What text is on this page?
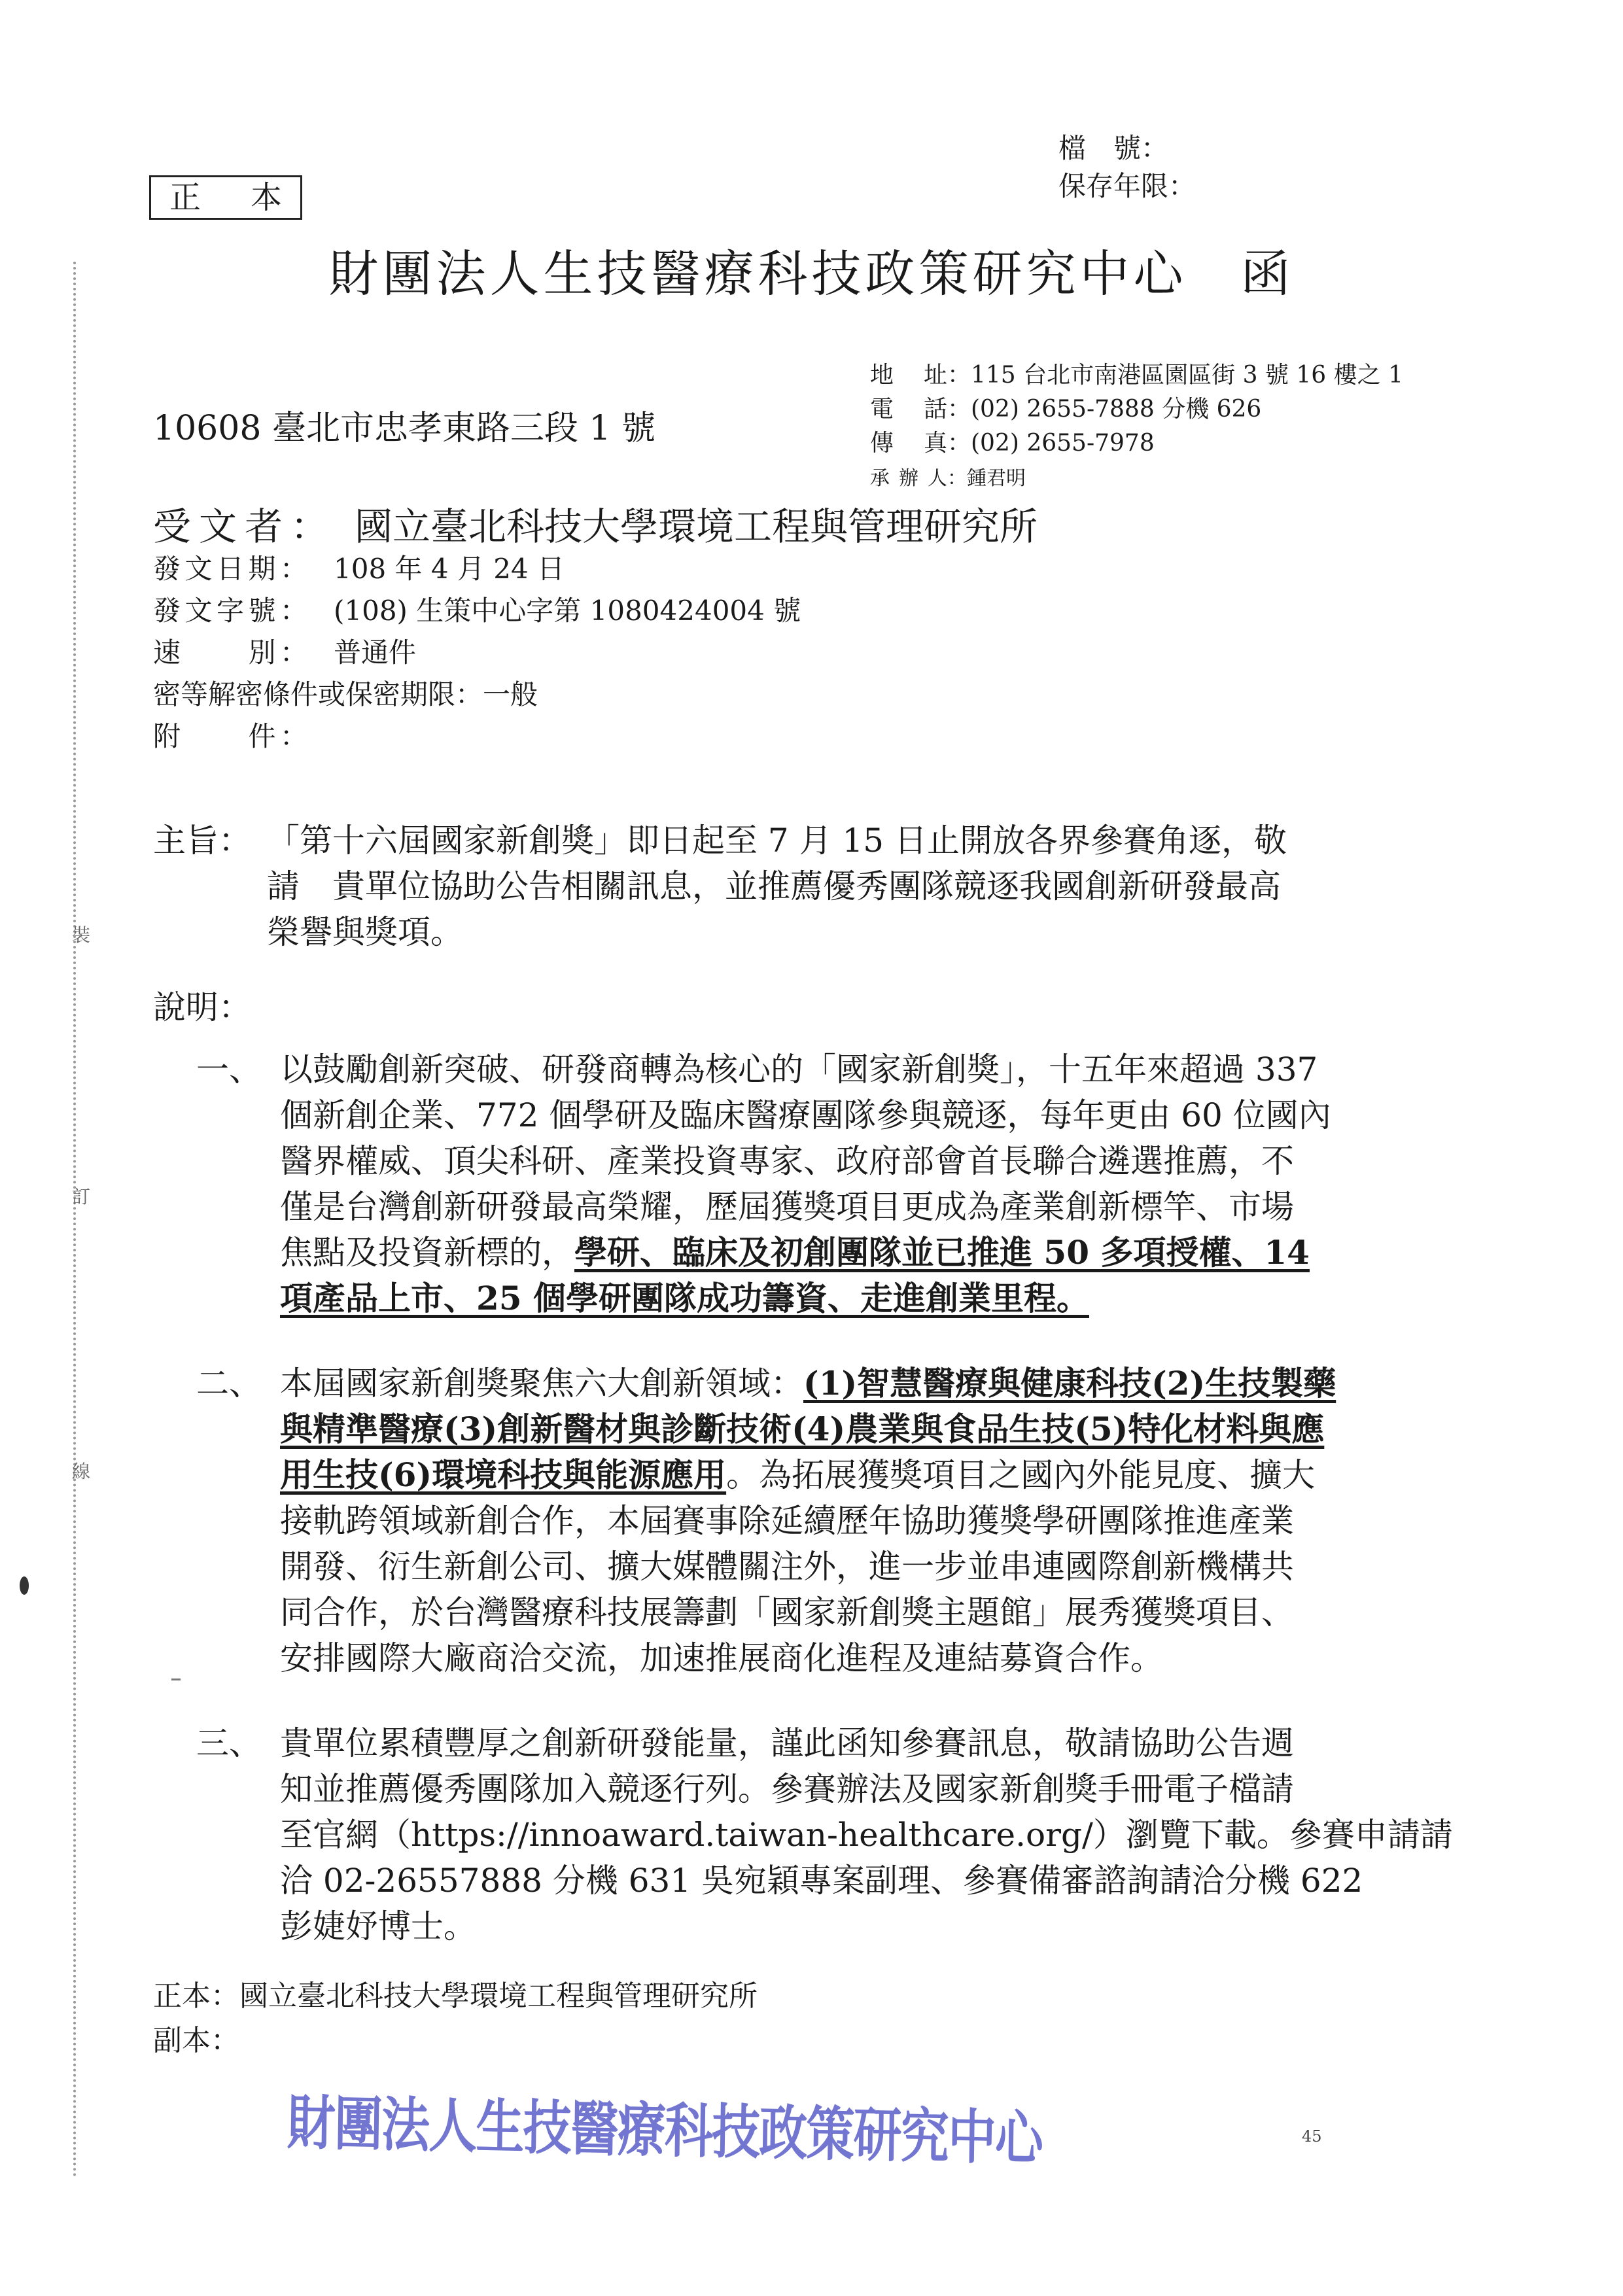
裝
訂
線
檔　號：
保存年限：
正 本
財團法人生技醫療科技政策研究中心　函
10608 臺北市忠孝東路三段 1 號
地　址：115 台北市南港區園區街 3 號 16 樓之 1
電　話：(02) 2655-7888 分機 626
傳　真：(02) 2655-7978
承辦人：鍾君明
受文者： 國立臺北科技大學環境工程與管理研究所
發文日期： 108 年 4 月 24 日
發文字號： (108) 生策中心字第 1080424004 號
速　　別： 普通件
密等解密條件或保密期限：一般
附　　件：
主旨： 「第十六屆國家新創獎」即日起至 7 月 15 日止開放各界參賽角逐，敬
請　貴單位協助公告相關訊息，並推薦優秀團隊競逐我國創新研發最高
榮譽與獎項。
說明：
一、 以鼓勵創新突破、研發商轉為核心的「國家新創獎」，十五年來超過 337
個新創企業、772 個學研及臨床醫療團隊參與競逐，每年更由 60 位國內
醫界權威、頂尖科研、產業投資專家、政府部會首長聯合遴選推薦，不
僅是台灣創新研發最高榮耀，歷屆獲獎項目更成為產業創新標竿、市場
焦點及投資新標的，學研、臨床及初創團隊並已推進 50 多項授權、14
項產品上市、25 個學研團隊成功籌資、走進創業里程。
二、 本屆國家新創獎聚焦六大創新領域：(1)智慧醫療與健康科技(2)生技製藥
與精準醫療(3)創新醫材與診斷技術(4)農業與食品生技(5)特化材料與應
用生技(6)環境科技與能源應用。為拓展獲獎項目之國內外能見度、擴大
接軌跨領域新創合作，本屆賽事除延續歷年協助獲獎學研團隊推進產業
開發、衍生新創公司、擴大媒體關注外，進一步並串連國際創新機構共
同合作，於台灣醫療科技展籌劃「國家新創獎主題館」展秀獲獎項目、
安排國際大廠商洽交流，加速推展商化進程及連結募資合作。
三、 貴單位累積豐厚之創新研發能量，謹此函知參賽訊息，敬請協助公告週
知並推薦優秀團隊加入競逐行列。參賽辦法及國家新創獎手冊電子檔請
至官網（https://innoaward.taiwan-healthcare.org/）瀏覽下載。參賽申請請
洽 02-26557888 分機 631 吳宛穎專案副理、參賽備審諮詢請洽分機 622
彭婕妤博士。
正本：國立臺北科技大學環境工程與管理研究所
副本：
財團法人生技醫療科技政策研究中心	45
